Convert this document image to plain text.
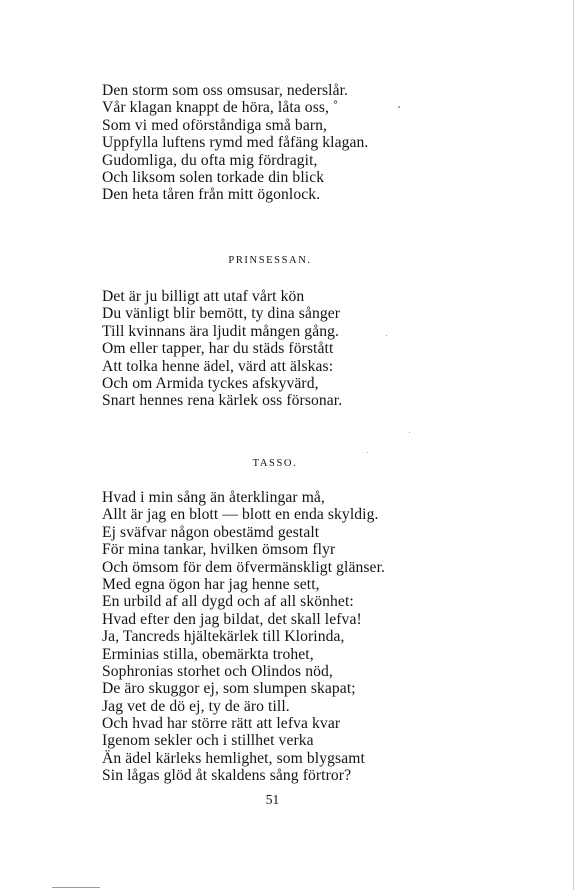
Den storm som oss omsusar, nederslår.
Vår klagan knappt de höra, låta oss, ˚
Som vi med oförståndiga små barn,
Uppfylla luftens rymd med fåfäng klagan.
Gudomliga, du ofta mig fördragit,
Och liksom solen torkade din blick
Den heta tåren från mitt ögonlock.
PRINSESSAN.
Det är ju billigt att utaf vårt kön
Du vänligt blir bemött, ty dina sånger
Till kvinnans ära ljudit mången gång.
Om eller tapper, har du städs förstått
Att tolka henne ädel, värd att älskas:
Och om Armida tyckes afskyvärd,
Snart hennes rena kärlek oss försonar.
TASSO.
Hvad i min sång än återklingar må,
Allt är jag en blott — blott en enda skyldig.
Ej sväfvar någon obestämd gestalt
För mina tankar, hvilken ömsom flyr
Och ömsom för dem öfvermänskligt glänser.
Med egna ögon har jag henne sett,
En urbild af all dygd och af all skönhet:
Hvad efter den jag bildat, det skall lefva!
Ja, Tancreds hjältekärlek till Klorinda,
Erminias stilla, obemärkta trohet,
Sophronias storhet och Olindos nöd,
De äro skuggor ej, som slumpen skapat;
Jag vet de dö ej, ty de äro till.
Och hvad har större rätt att lefva kvar
Igenom sekler och i stillhet verka
Än ädel kärleks hemlighet, som blygsamt
Sin lågas glöd åt skaldens sång förtror?
51
